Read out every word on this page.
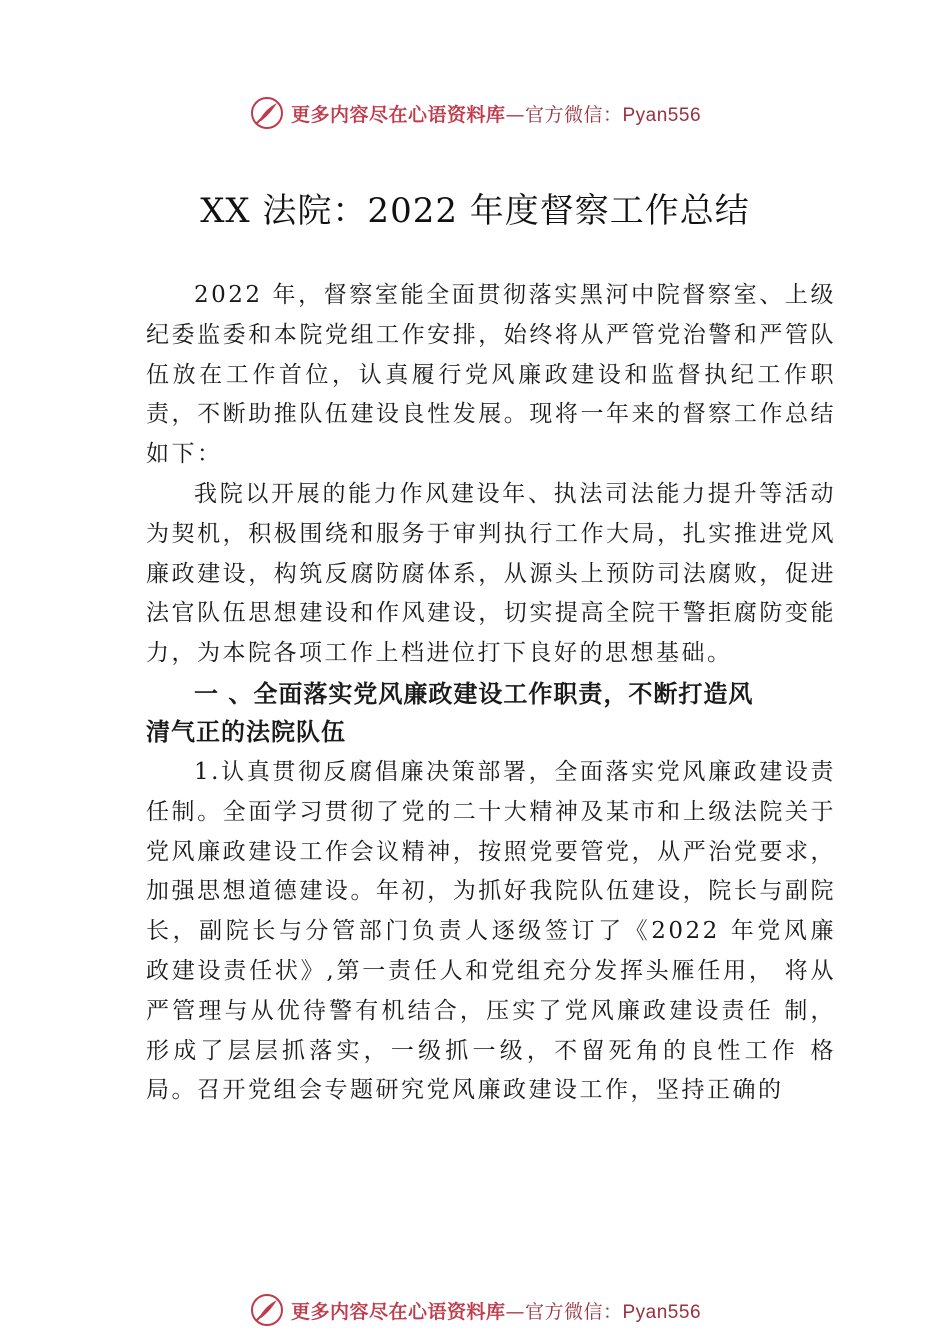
更多内容尽在心语资料库—官方微信：Pyan556
XX 法院：2022 年度督察工作总结
2022 年，督察室能全面贯彻落实黑河中院督察室、上级纪委监委和本院党组工作安排，始终将从严管党治警和严管队伍放在工作首位，认真履行党风廉政建设和监督执纪工作职责，不断助推队伍建设良性发展。现将一年来的督察工作总结如下：
我院以开展的能力作风建设年、执法司法能力提升等活动为契机，积极围绕和服务于审判执行工作大局，扎实推进党风廉政建设，构筑反腐防腐体系，从源头上预防司法腐败，促进法官队伍思想建设和作风建设，切实提高全院干警拒腐防变能力，为本院各项工作上档进位打下良好的思想基础。
一 、全面落实党风廉政建设工作职责，不断打造风
清气正的法院队伍
1.认真贯彻反腐倡廉决策部署，全面落实党风廉政建设责任制。全面学习贯彻了党的二十大精神及某市和上级法院关于党风廉政建设工作会议精神，按照党要管党，从严治党要求，加强思想道德建设。年初，为抓好我院队伍建设，院长与副院长，副院长与分管部门负责人逐级签订了《2022 年党风廉政建设责任状》,第一责任人和党组充分发挥头雁任用， 将从严管理与从优待警有机结合，压实了党风廉政建设责任 制，形成了层层抓落实，一级抓一级，不留死角的良性工作 格局。召开党组会专题研究党风廉政建设工作，坚持正确的
更多内容尽在心语资料库—官方微信：Pyan556
